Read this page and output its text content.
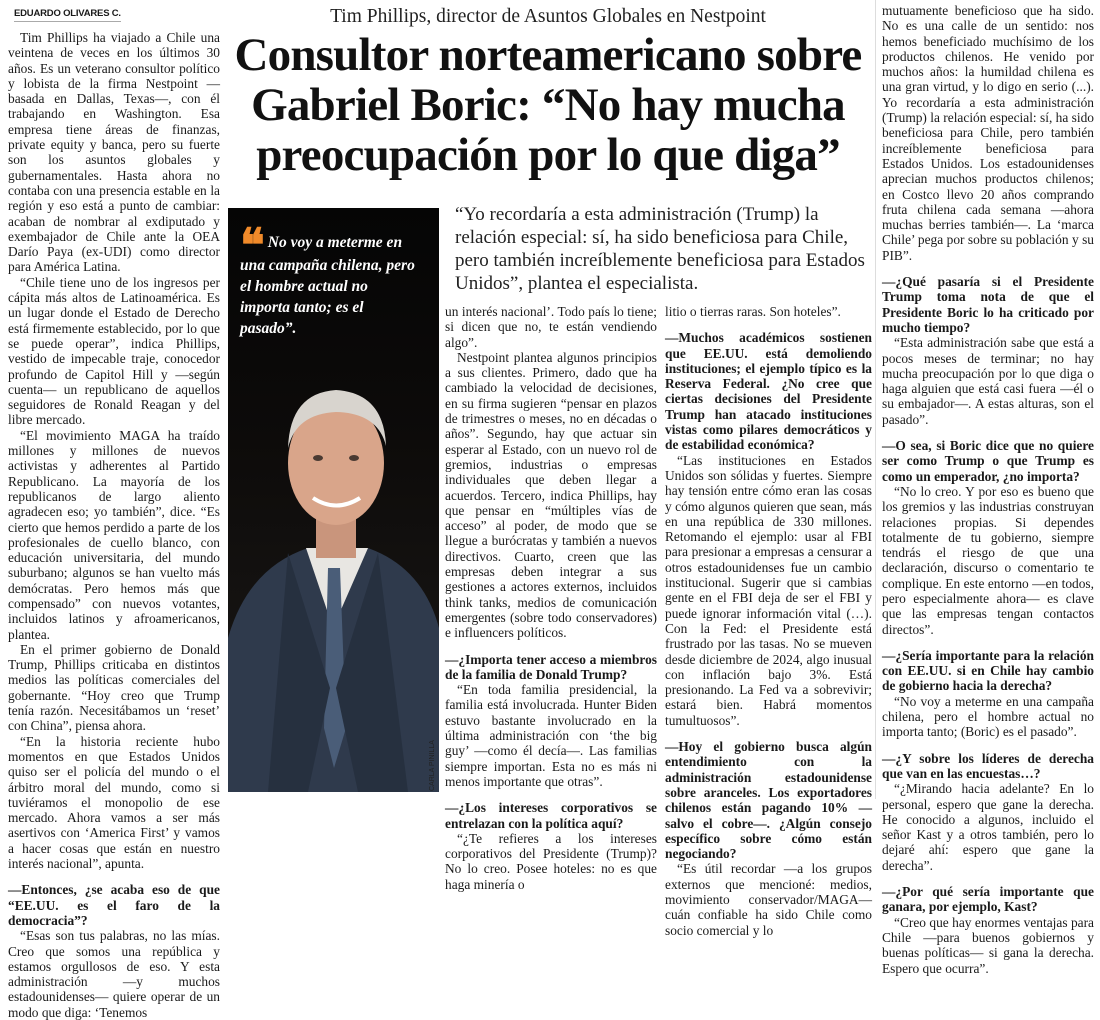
EDUARDO OLIVARES C.	Tim Phillips, director de Asuntos Globales en Nestpoint
Consultor norteamericano sobre Gabriel Boric: “No hay mucha preocupación por lo que diga”
“Yo recordaría a esta administración (Trump) la relación especial: sí, ha sido beneficiosa para Chile, pero también increíblemente beneficiosa para Estados Unidos”, plantea el especialista.
❝ No voy a meterme en una campaña chilena, pero el hombre actual no importa tanto; es el pasado”.
CARLA PINILLA

Tim Phillips ha viajado a Chile una veintena de veces en los últimos 30 años. Es un veterano consultor político y lobista de la firma Nestpoint —basada en Dallas, Texas—, con él trabajando en Washington. Esa empresa tiene áreas de finanzas, private equity y banca, pero su fuerte son los asuntos globales y gubernamentales. Hasta ahora no contaba con una presencia estable en la región y eso está a punto de cambiar: acaban de nombrar al exdiputado y exembajador de Chile ante la OEA Darío Paya (ex-UDI) como director para América Latina.

“Chile tiene uno de los ingresos per cápita más altos de Latinoamérica. Es un lugar donde el Estado de Derecho está firmemente establecido, por lo que se puede operar”, indica Phillips, vestido de impecable traje, conocedor profundo de Capitol Hill y —según cuenta— un republicano de aquellos seguidores de Ronald Reagan y del libre mercado.

“El movimiento MAGA ha traído millones y millones de nuevos activistas y adherentes al Partido Republicano. La mayoría de los republicanos de largo aliento agradecen eso; yo también”, dice. “Es cierto que hemos perdido a parte de los profesionales de cuello blanco, con educación universitaria, del mundo suburbano; algunos se han vuelto más demócratas. Pero hemos más que compensado” con nuevos votantes, incluidos latinos y afroamericanos, plantea.

En el primer gobierno de Donald Trump, Phillips criticaba en distintos medios las políticas comerciales del gobernante. “Hoy creo que Trump tenía razón. Necesitábamos un ‘reset’ con China”, piensa ahora.

“En la historia reciente hubo momentos en que Estados Unidos quiso ser el policía del mundo o el árbitro moral del mundo, como si tuviéramos el monopolio de ese mercado. Ahora vamos a ser más asertivos con ‘America First’ y vamos a hacer cosas que están en nuestro interés nacional”, apunta.

—Entonces, ¿se acaba eso de que “EE.UU. es el faro de la democracia”?

“Esas son tus palabras, no las mías. Creo que somos una república y estamos orgullosos de eso. Y esta administración —y muchos estadounidenses— quiere operar de un modo que diga: ‘Tenemos

un interés nacional’. Todo país lo tiene; si dicen que no, te están vendiendo algo”.

Nestpoint plantea algunos principios a sus clientes. Primero, dado que ha cambiado la velocidad de decisiones, en su firma sugieren “pensar en plazos de trimestres o meses, no en décadas o años”. Segundo, hay que actuar sin esperar al Estado, con un nuevo rol de gremios, industrias o empresas individuales que deben llegar a acuerdos. Tercero, indica Phillips, hay que pensar en “múltiples vías de acceso” al poder, de modo que se llegue a burócratas y también a nuevos directivos. Cuarto, creen que las empresas deben integrar a sus gestiones a actores externos, incluidos think tanks, medios de comunicación emergentes (sobre todo conservadores) e influencers políticos.

—¿Importa tener acceso a miembros de la familia de Donald Trump?

“En toda familia presidencial, la familia está involucrada. Hunter Biden estuvo bastante involucrado en la última administración con ‘the big guy’ —como él decía—. Las familias siempre importan. Esta no es más ni menos importante que otras”.

—¿Los intereses corporativos se entrelazan con la política aquí?

“¿Te refieres a los intereses corporativos del Presidente (Trump)? No lo creo. Posee hoteles: no es que haga minería o

litio o tierras raras. Son hoteles”.

—Muchos académicos sostienen que EE.UU. está demoliendo instituciones; el ejemplo típico es la Reserva Federal. ¿No cree que ciertas decisiones del Presidente Trump han atacado instituciones vistas como pilares democráticos y de estabilidad económica?

“Las instituciones en Estados Unidos son sólidas y fuertes. Siempre hay tensión entre cómo eran las cosas y cómo algunos quieren que sean, más en una república de 330 millones. Retomando el ejemplo: usar al FBI para presionar a empresas a censurar a otros estadounidenses fue un cambio institucional. Sugerir que si cambias gente en el FBI deja de ser el FBI y puede ignorar información vital (…). Con la Fed: el Presidente está frustrado por las tasas. No se mueven desde diciembre de 2024, algo inusual con inflación bajo 3%. Está presionando. La Fed va a sobrevivir; estará bien. Habrá momentos tumultuosos”.

—Hoy el gobierno busca algún entendimiento con la administración estadounidense sobre aranceles. Los exportadores chilenos están pagando 10% —salvo el cobre—. ¿Algún consejo específico sobre cómo están negociando?

“Es útil recordar —a los grupos externos que mencioné: medios, movimiento conservador/MAGA— cuán confiable ha sido Chile como socio comercial y lo

mutuamente beneficioso que ha sido. No es una calle de un sentido: nos hemos beneficiado muchísimo de los productos chilenos. He venido por muchos años: la humildad chilena es una gran virtud, y lo digo en serio (...). Yo recordaría a esta administración (Trump) la relación especial: sí, ha sido beneficiosa para Chile, pero también increíblemente beneficiosa para Estados Unidos. Los estadounidenses aprecian muchos productos chilenos; en Costco llevo 20 años comprando fruta chilena cada semana —ahora muchas berries también—. La ‘marca Chile’ pega por sobre su población y su PIB”.

—¿Qué pasaría si el Presidente Trump toma nota de que el Presidente Boric lo ha criticado por mucho tiempo?

“Esta administración sabe que está a pocos meses de terminar; no hay mucha preocupación por lo que diga o haga alguien que está casi fuera —él o su embajador—. A estas alturas, son el pasado”.

—O sea, si Boric dice que no quiere ser como Trump o que Trump es como un emperador, ¿no importa?

“No lo creo. Y por eso es bueno que los gremios y las industrias construyan relaciones propias. Si dependes totalmente de tu gobierno, siempre tendrás el riesgo de que una declaración, discurso o comentario te complique. En este entorno —en todos, pero especialmente ahora— es clave que las empresas tengan contactos directos”.

—¿Sería importante para la relación con EE.UU. si en Chile hay cambio de gobierno hacia la derecha?

“No voy a meterme en una campaña chilena, pero el hombre actual no importa tanto; (Boric) es el pasado”.

—¿Y sobre los líderes de derecha que van en las encuestas…?

“¿Mirando hacia adelante? En lo personal, espero que gane la derecha. He conocido a algunos, incluido el señor Kast y a otros también, pero lo dejaré ahí: espero que gane la derecha”.

—¿Por qué sería importante que ganara, por ejemplo, Kast?

“Creo que hay enormes ventajas para Chile —para buenos gobiernos y buenas políticas— si gana la derecha. Espero que ocurra”.
